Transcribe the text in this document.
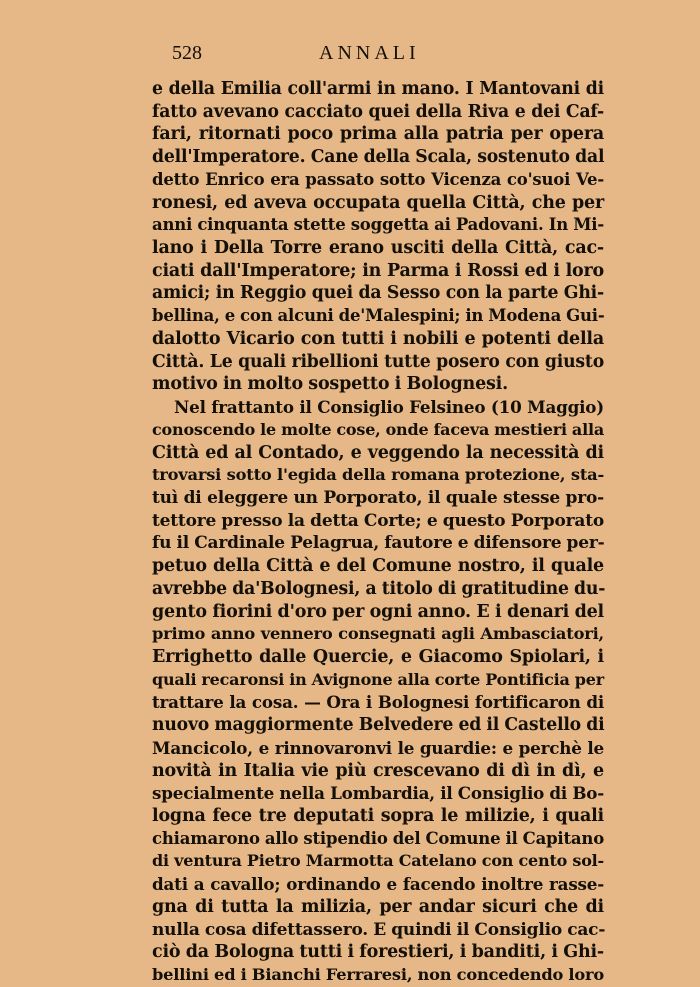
528	ANNALI
e della Emilia coll'armi in mano. I Mantovani di
fatto avevano cacciato quei della Riva e dei Caf-
fari, ritornati poco prima alla patria per opera
dell'Imperatore. Cane della Scala, sostenuto dal
detto Enrico era passato sotto Vicenza co'suoi Ve-
ronesi, ed aveva occupata quella Città, che per
anni cinquanta stette soggetta ai Padovani. In Mi-
lano i Della Torre erano usciti della Città, cac-
ciati dall'Imperatore; in Parma i Rossi ed i loro
amici; in Reggio quei da Sesso con la parte Ghi-
bellina, e con alcuni de'Malespini; in Modena Gui-
dalotto Vicario con tutti i nobili e potenti della
Città. Le quali ribellioni tutte posero con giusto
motivo in molto sospetto i Bolognesi.
Nel frattanto il Consiglio Felsineo (10 Maggio)
conoscendo le molte cose, onde faceva mestieri alla
Città ed al Contado, e veggendo la necessità di
trovarsi sotto l'egida della romana protezione, sta-
tuì di eleggere un Porporato, il quale stesse pro-
tettore presso la detta Corte; e questo Porporato
fu il Cardinale Pelagrua, fautore e difensore per-
petuo della Città e del Comune nostro, il quale
avrebbe da'Bolognesi, a titolo di gratitudine du-
gento fiorini d'oro per ogni anno. E i denari del
primo anno vennero consegnati agli Ambasciatori,
Errighetto dalle Quercie, e Giacomo Spiolari, i
quali recaronsi in Avignone alla corte Pontificia per
trattare la cosa. — Ora i Bolognesi fortificaron di
nuovo maggiormente Belvedere ed il Castello di
Mancicolo, e rinnovaronvi le guardie: e perchè le
novità in Italia vie più crescevano di dì in dì, e
specialmente nella Lombardia, il Consiglio di Bo-
logna fece tre deputati sopra le milizie, i quali
chiamarono allo stipendio del Comune il Capitano
di ventura Pietro Marmotta Catelano con cento sol-
dati a cavallo; ordinando e facendo inoltre rasse-
gna di tutta la milizia, per andar sicuri che di
nulla cosa difettassero. E quindi il Consiglio cac-
ciò da Bologna tutti i forestieri, i banditi, i Ghi-
bellini ed i Bianchi Ferraresi, non concedendo loro
